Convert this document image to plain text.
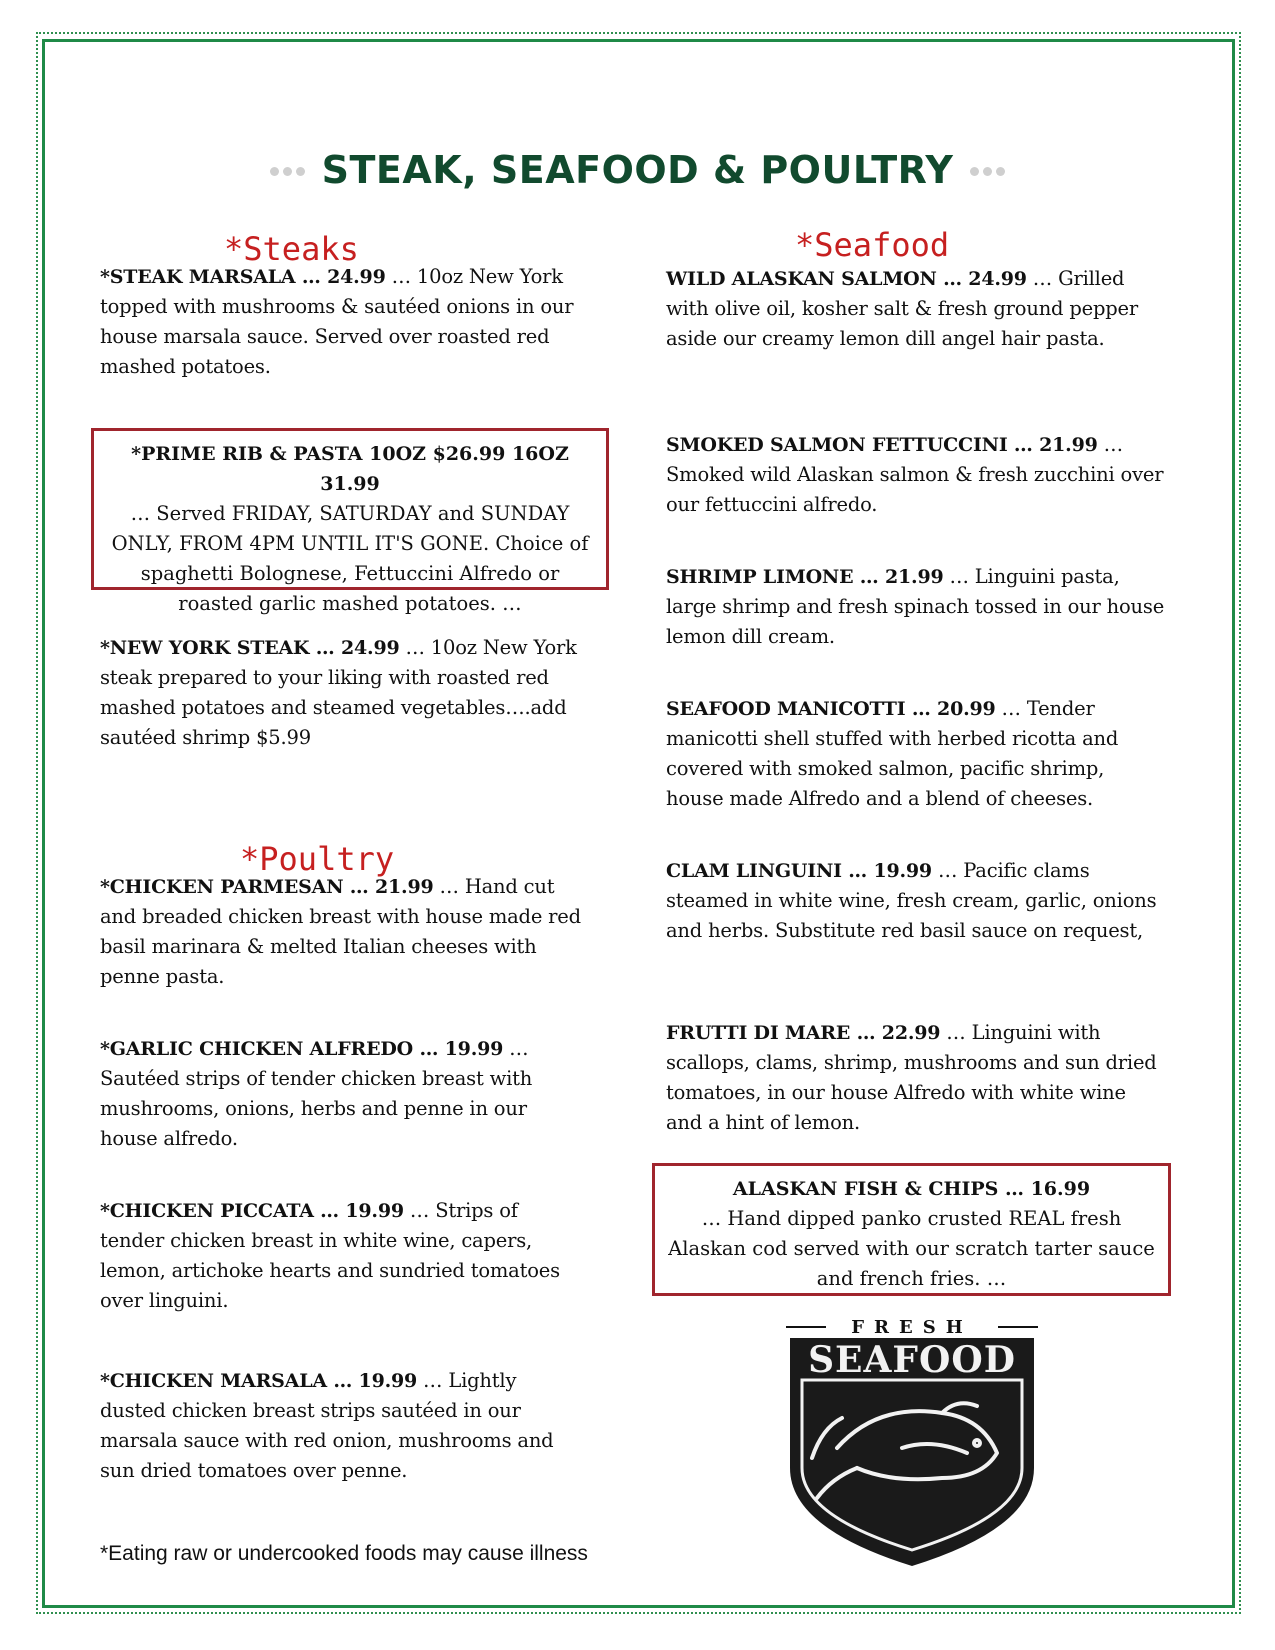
STEAK, SEAFOOD & POULTRY
*Steaks
*STEAK MARSALA … 24.99 … 10oz New York topped with mushrooms & sautéed onions in our house marsala sauce. Served over roasted red mashed potatoes.
*PRIME RIB & PASTA 10OZ $26.99 16OZ 31.99
… Served FRIDAY, SATURDAY and SUNDAY ONLY, FROM 4PM UNTIL IT'S GONE. Choice of spaghetti Bolognese, Fettuccini Alfredo or roasted garlic mashed potatoes. …
*NEW YORK STEAK … 24.99 … 10oz New York steak prepared to your liking with roasted red mashed potatoes and steamed vegetables….add sautéed shrimp $5.99
*Poultry
*CHICKEN PARMESAN … 21.99 … Hand cut and breaded chicken breast with house made red basil marinara & melted Italian cheeses with penne pasta.
*GARLIC CHICKEN ALFREDO … 19.99 … Sautéed strips of tender chicken breast with mushrooms, onions, herbs and penne in our house alfredo.
*CHICKEN PICCATA … 19.99 … Strips of tender chicken breast in white wine, capers, lemon, artichoke hearts and sundried tomatoes over linguini.
*CHICKEN MARSALA … 19.99 … Lightly dusted chicken breast strips sautéed in our marsala sauce with red onion, mushrooms and sun dried tomatoes over penne.
*Eating raw or undercooked foods may cause illness
*Seafood
WILD ALASKAN SALMON … 24.99 … Grilled with olive oil, kosher salt & fresh ground pepper aside our creamy lemon dill angel hair pasta.
SMOKED SALMON FETTUCCINI … 21.99 … Smoked wild Alaskan salmon & fresh zucchini over our fettuccini alfredo.
SHRIMP LIMONE … 21.99 … Linguini pasta, large shrimp and fresh spinach tossed in our house lemon dill cream.
SEAFOOD MANICOTTI … 20.99 … Tender manicotti shell stuffed with herbed ricotta and covered with smoked salmon, pacific shrimp, house made Alfredo and a blend of cheeses.
CLAM LINGUINI … 19.99 … Pacific clams steamed in white wine, fresh cream, garlic, onions and herbs. Substitute red basil sauce on request,
FRUTTI DI MARE … 22.99 … Linguini with scallops, clams, shrimp, mushrooms and sun dried tomatoes, in our house Alfredo with white wine and a hint of lemon.
ALASKAN FISH & CHIPS … 16.99
… Hand dipped panko crusted REAL fresh Alaskan cod served with our scratch tarter sauce and french fries. …
FRESH
SEAFOOD
